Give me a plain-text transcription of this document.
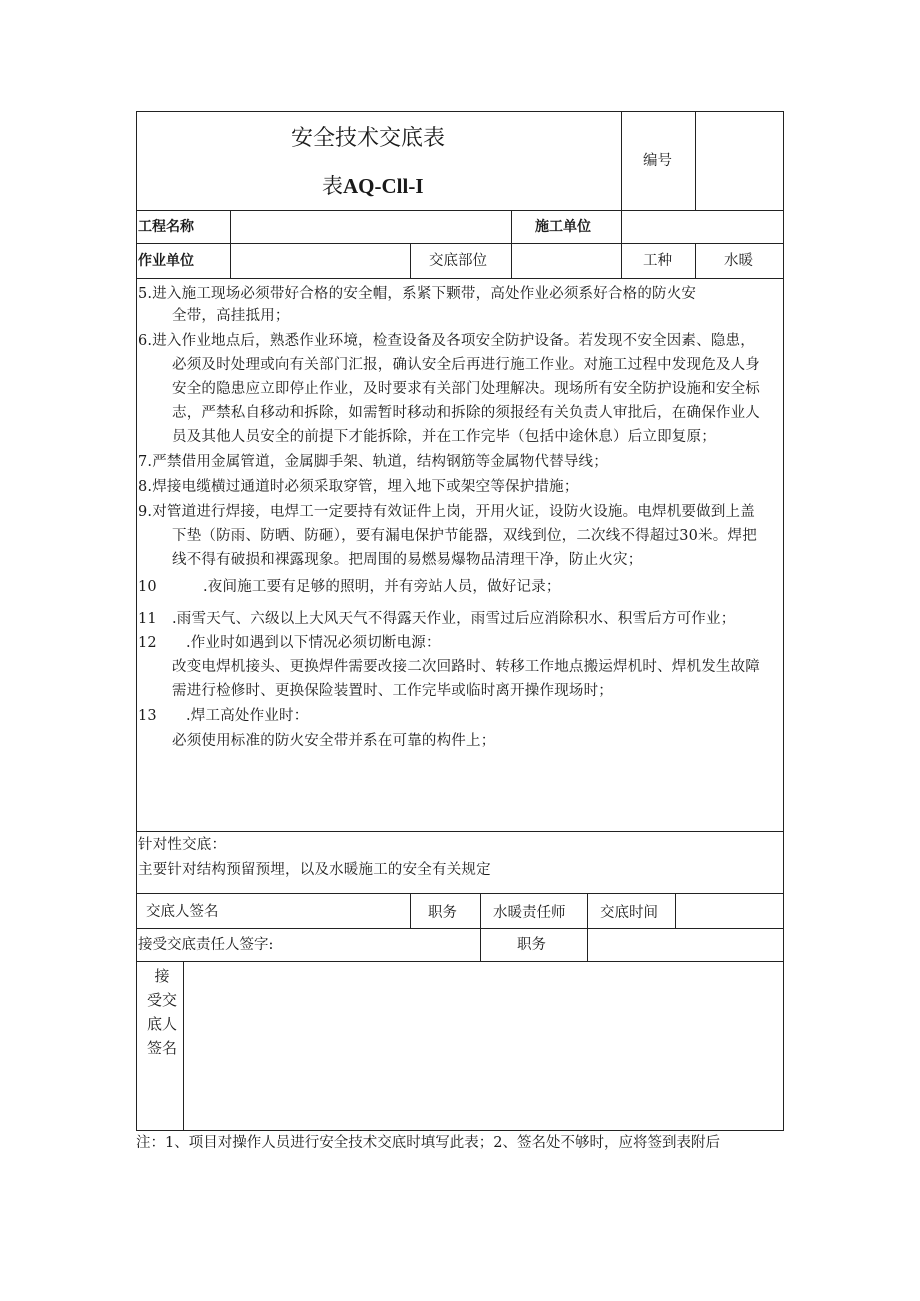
安全技术交底表
表AQ-Cll-I
编号
工程名称	施工单位
作业单位	交底部位	工种	水暖
5.进入施工现场必须带好合格的安全帽，系紧下颗带，高处作业必须系好合格的防火安
全带，高挂抵用；
6.进入作业地点后，熟悉作业环境，检查设备及各项安全防护设备。若发现不安全因素、隐患，
必须及时处理或向有关部门汇报，确认安全后再进行施工作业。对施工过程中发现危及人身
安全的隐患应立即停止作业，及时要求有关部门处理解决。现场所有安全防护设施和安全标
志，严禁私自移动和拆除，如需暂时移动和拆除的须报经有关负责人审批后，在确保作业人
员及其他人员安全的前提下才能拆除，并在工作完毕（包括中途休息）后立即复原；
7.严禁借用金属管道，金属脚手架、轨道，结构钢筋等金属物代替导线；
8.焊接电缆横过通道时必须采取穿管，埋入地下或架空等保护措施；
9.对管道进行焊接，电焊工一定要持有效证件上岗，开用火证，设防火设施。电焊机要做到上盖
下垫（防雨、防晒、防砸），要有漏电保护节能器，双线到位，二次线不得超过30米。焊把
线不得有破损和裸露现象。把周围的易燃易爆物品清理干净，防止火灾；
10	.夜间施工要有足够的照明，并有旁站人员，做好记录；
11 .雨雪天气、六级以上大风天气不得露天作业，雨雪过后应消除积水、积雪后方可作业；
12 .作业时如遇到以下情况必须切断电源：
改变电焊机接头、更换焊件需要改接二次回路时、转移工作地点搬运焊机时、焊机发生故障
需进行检修时、更换保险装置时、工作完毕或临时离开操作现场时；
13 .焊工高处作业时：
必须使用标准的防火安全带并系在可靠的构件上；
针对性交底：
主要针对结构预留预埋，以及水暖施工的安全有关规定
交底人签名	职务 水暖责任师 交底时间
接受交底责任人签字:	职务
接
受交
底人
签名
注：1、项目对操作人员进行安全技术交底时填写此表；2、签名处不够时，应将签到表附后
